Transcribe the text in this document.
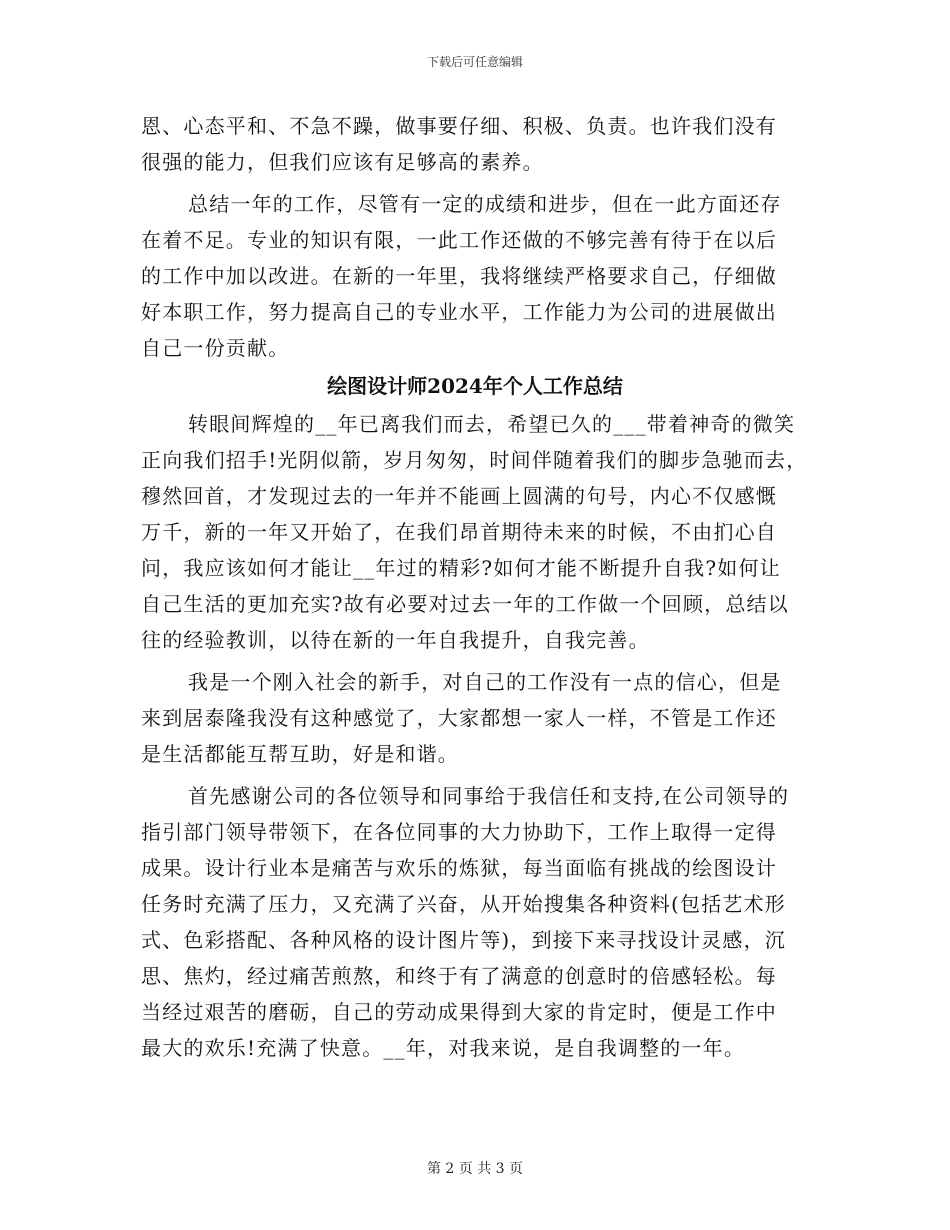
下载后可任意编辑
恩、心态平和、不急不躁，做事要仔细、积极、负责。也许我们没有
很强的能力，但我们应该有足够高的素养。
总结一年的工作，尽管有一定的成绩和进步，但在一此方面还存
在着不足。专业的知识有限，一此工作还做的不够完善有待于在以后
的工作中加以改进。在新的一年里，我将继续严格要求自己，仔细做
好本职工作，努力提高自己的专业水平，工作能力为公司的进展做出
自己一份贡献。
绘图设计师2024年个人工作总结
转眼间辉煌的__年已离我们而去，希望已久的___带着神奇的微笑
正向我们招手!光阴似箭，岁月匆匆，时间伴随着我们的脚步急驰而去，
穆然回首，才发现过去的一年并不能画上圆满的句号，内心不仅感慨
万千，新的一年又开始了，在我们昂首期待未来的时候，不由扪心自
问，我应该如何才能让__年过的精彩?如何才能不断提升自我?如何让
自己生活的更加充实?故有必要对过去一年的工作做一个回顾，总结以
往的经验教训，以待在新的一年自我提升，自我完善。
我是一个刚入社会的新手，对自己的工作没有一点的信心，但是
来到居泰隆我没有这种感觉了，大家都想一家人一样，不管是工作还
是生活都能互帮互助，好是和谐。
首先感谢公司的各位领导和同事给于我信任和支持,在公司领导的
指引部门领导带领下，在各位同事的大力协助下，工作上取得一定得
成果。设计行业本是痛苦与欢乐的炼狱，每当面临有挑战的绘图设计
任务时充满了压力，又充满了兴奋，从开始搜集各种资料(包括艺术形
式、色彩搭配、各种风格的设计图片等)，到接下来寻找设计灵感，沉
思、焦灼，经过痛苦煎熬，和终于有了满意的创意时的倍感轻松。每
当经过艰苦的磨砺，自己的劳动成果得到大家的肯定时，便是工作中
最大的欢乐!充满了快意。__年，对我来说，是自我调整的一年。
第 2 页 共 3 页
